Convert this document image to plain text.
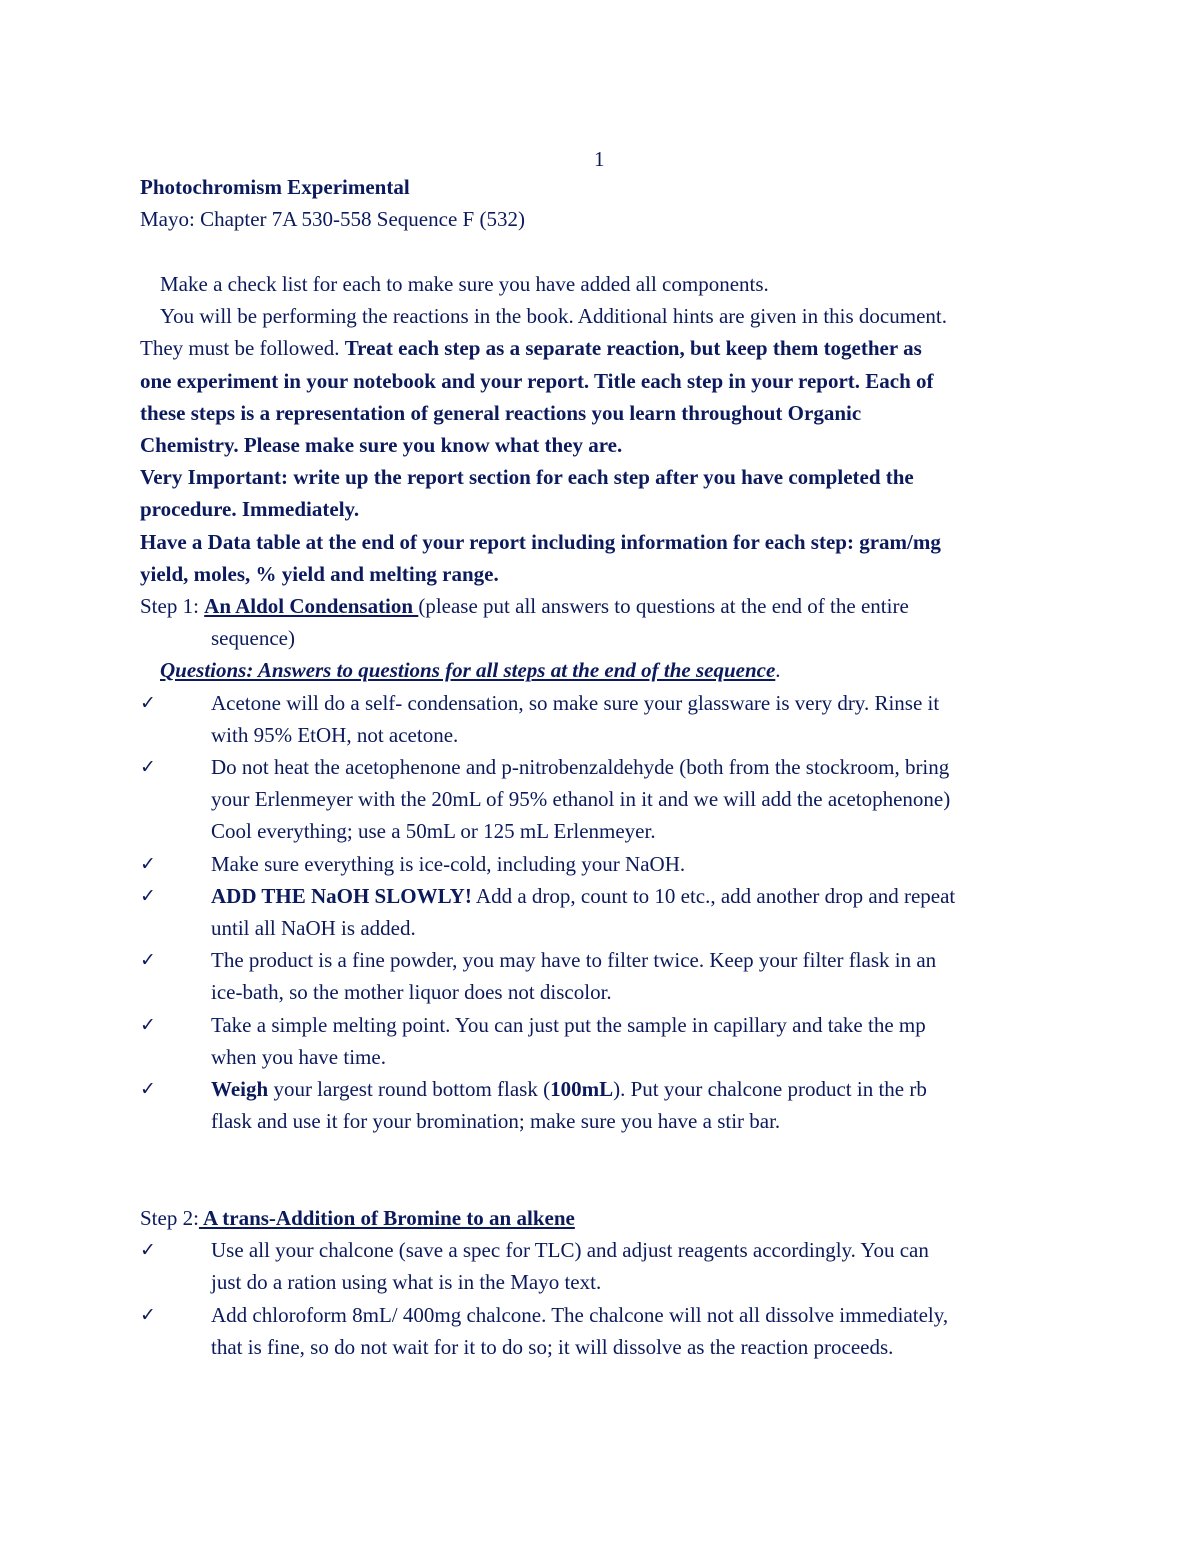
1
Photochromism Experimental
Mayo: Chapter 7A 530-558 Sequence F (532)
Make a check list for each to make sure you have added all components.
You will be performing the reactions in the book. Additional hints are given in this document.
They must be followed. Treat each step as a separate reaction, but keep them together as
one experiment in your notebook and your report. Title each step in your report. Each of
these steps is a representation of general reactions you learn throughout Organic
Chemistry. Please make sure you know what they are.
Very Important: write up the report section for each step after you have completed the
procedure. Immediately.
Have a Data table at the end of your report including information for each step: gram/mg
yield, moles, % yield and melting range.
Step 1: An Aldol Condensation (please put all answers to questions at the end of the entire
sequence)
Questions: Answers to questions for all steps at the end of the sequence.
✓	Acetone will do a self- condensation, so make sure your glassware is very dry. Rinse it
with 95% EtOH, not acetone.
✓	Do not heat the acetophenone and p-nitrobenzaldehyde (both from the stockroom, bring
your Erlenmeyer with the 20mL of 95% ethanol in it and we will add the acetophenone)
Cool everything; use a 50mL or 125 mL Erlenmeyer.
✓	Make sure everything is ice-cold, including your NaOH.
✓	ADD THE NaOH SLOWLY! Add a drop, count to 10 etc., add another drop and repeat
until all NaOH is added.
✓	The product is a fine powder, you may have to filter twice. Keep your filter flask in an
ice-bath, so the mother liquor does not discolor.
✓	Take a simple melting point. You can just put the sample in capillary and take the mp
when you have time.
✓	Weigh your largest round bottom flask (100mL). Put your chalcone product in the rb
flask and use it for your bromination; make sure you have a stir bar.
Step 2: A trans-Addition of Bromine to an alkene
✓	Use all your chalcone (save a spec for TLC) and adjust reagents accordingly. You can
just do a ration using what is in the Mayo text.
✓	Add chloroform 8mL/ 400mg chalcone. The chalcone will not all dissolve immediately,
that is fine, so do not wait for it to do so; it will dissolve as the reaction proceeds.
